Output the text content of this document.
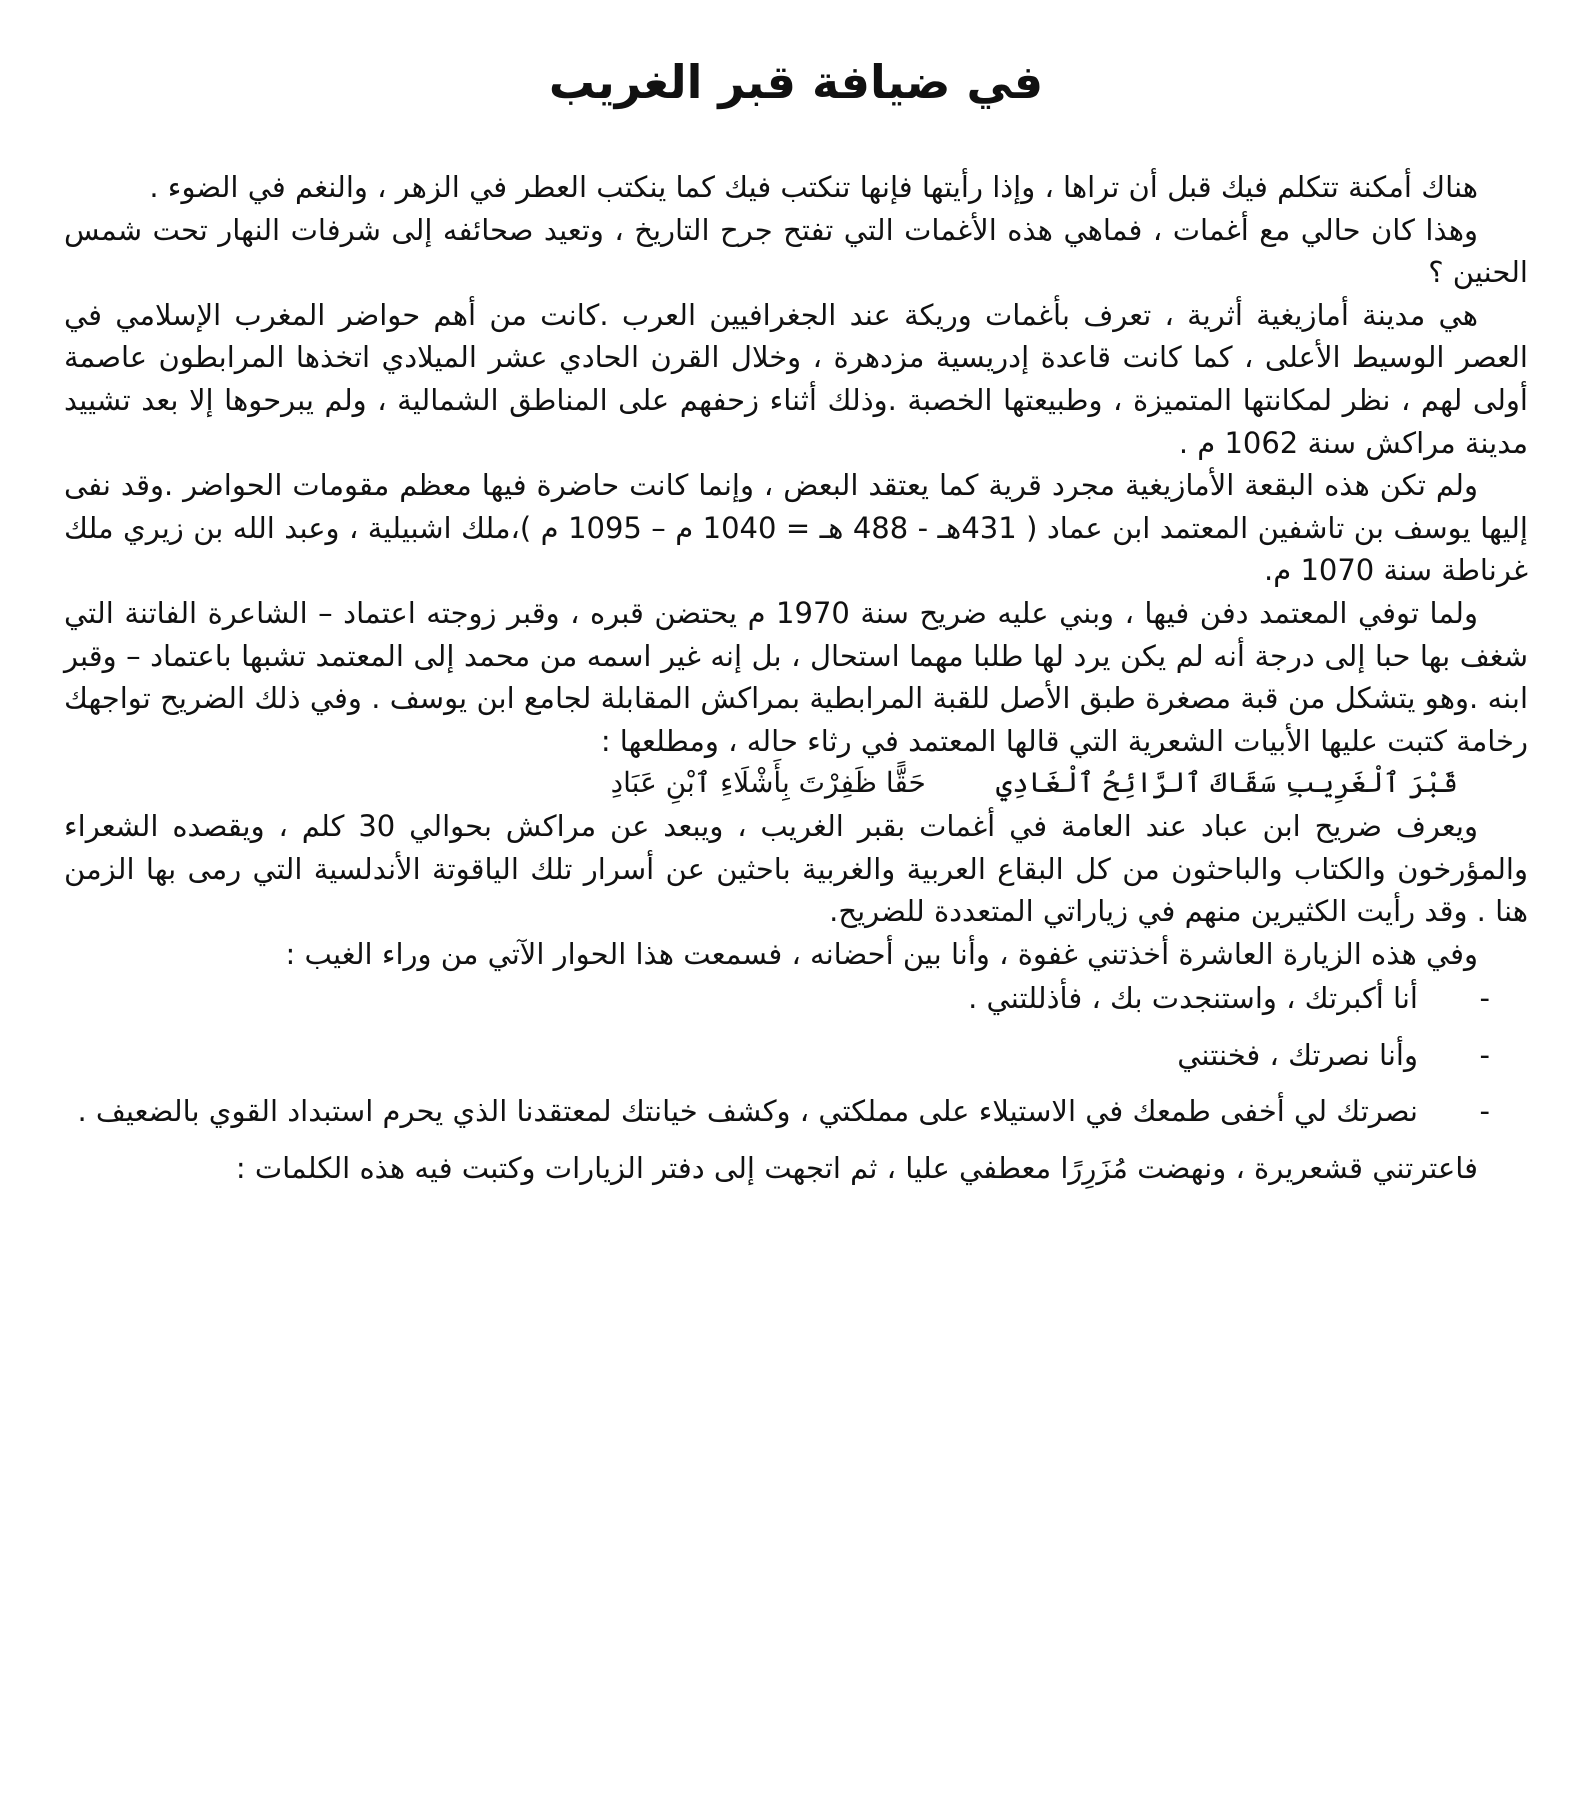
في ضيافة قبر الغريب

هناك أمكنة تتكلم فيك قبل أن تراها ، وإذا رأيتها فإنها تنكتب فيك كما ينكتب العطر في الزهر ، والنغم في الضوء .

وهذا كان حالي مع أغمات ، فماهي هذه الأغمات التي تفتح جرح التاريخ ، وتعيد صحائفه إلى شرفات النهار تحت شمس الحنين ؟

هي مدينة أمازيغية أثرية ، تعرف بأغمات وريكة عند الجغرافيين العرب .كانت من أهم حواضر المغرب الإسلامي في العصر الوسيط الأعلى ، كما كانت قاعدة إدريسية مزدهرة ، وخلال القرن الحادي عشر الميلادي اتخذها المرابطون عاصمة أولى لهم ، نظر لمكانتها المتميزة ، وطبيعتها الخصبة .وذلك أثناء زحفهم على المناطق الشمالية ، ولم يبرحوها إلا بعد تشييد مدينة مراكش سنة 1062 م .

ولم تكن هذه البقعة الأمازيغية مجرد قرية كما يعتقد البعض ، وإنما كانت حاضرة فيها معظم مقومات الحواضر .وقد نفى إليها يوسف بن تاشفين المعتمد ابن عماد ( 431هـ - 488 هـ = 1040 م – 1095 م )،ملك اشبيلية ، وعبد الله بن زيري ملك غرناطة سنة 1070 م.

ولما توفي المعتمد دفن فيها ، وبني عليه ضريح سنة 1970 م يحتضن قبره ، وقبر زوجته اعتماد – الشاعرة الفاتنة التي شغف بها حبا إلى درجة أنه لم يكن يرد لها طلبا مهما استحال ، بل إنه غير اسمه من محمد إلى المعتمد تشبها باعتماد – وقبر ابنه .وهو يتشكل من قبة مصغرة طبق الأصل للقبة المرابطية بمراكش المقابلة لجامع ابن يوسف . وفي ذلك الضريح تواجهك رخامة كتبت عليها الأبيات الشعرية التي قالها المعتمد في رثاء حاله ، ومطلعها :

قَبْرَ ٱلْغَرِيبِ سَقَاكَ ٱلرَّائِحُ ٱلْغَادِي
حَقًّا ظَفِرْتَ بِأَشْلَاءِ ٱبْنِ عَبَادِ

ويعرف ضريح ابن عباد عند العامة في أغمات بقبر الغريب ، ويبعد عن مراكش بحوالي 30 كلم ، ويقصده الشعراء والمؤرخون والكتاب والباحثون من كل البقاع العربية والغربية باحثين عن أسرار تلك الياقوتة الأندلسية التي رمى بها الزمن هنا . وقد رأيت الكثيرين منهم في زياراتي المتعددة للضريح.

وفي هذه الزيارة العاشرة أخذتني غفوة ، وأنا بين أحضانه ، فسمعت هذا الحوار الآتي من وراء الغيب :

-
أنا أكبرتك ، واستنجدت بك ، فأذللتني .
-
وأنا نصرتك ، فخنتني
-
نصرتك لي أخفى طمعك في الاستيلاء على مملكتي ، وكشف خيانتك لمعتقدنا الذي يحرم استبداد القوي بالضعيف .

فاعترتني قشعريرة ، ونهضت مُزَرِرًا معطفي عليا ، ثم اتجهت إلى دفتر الزيارات وكتبت فيه هذه الكلمات :
